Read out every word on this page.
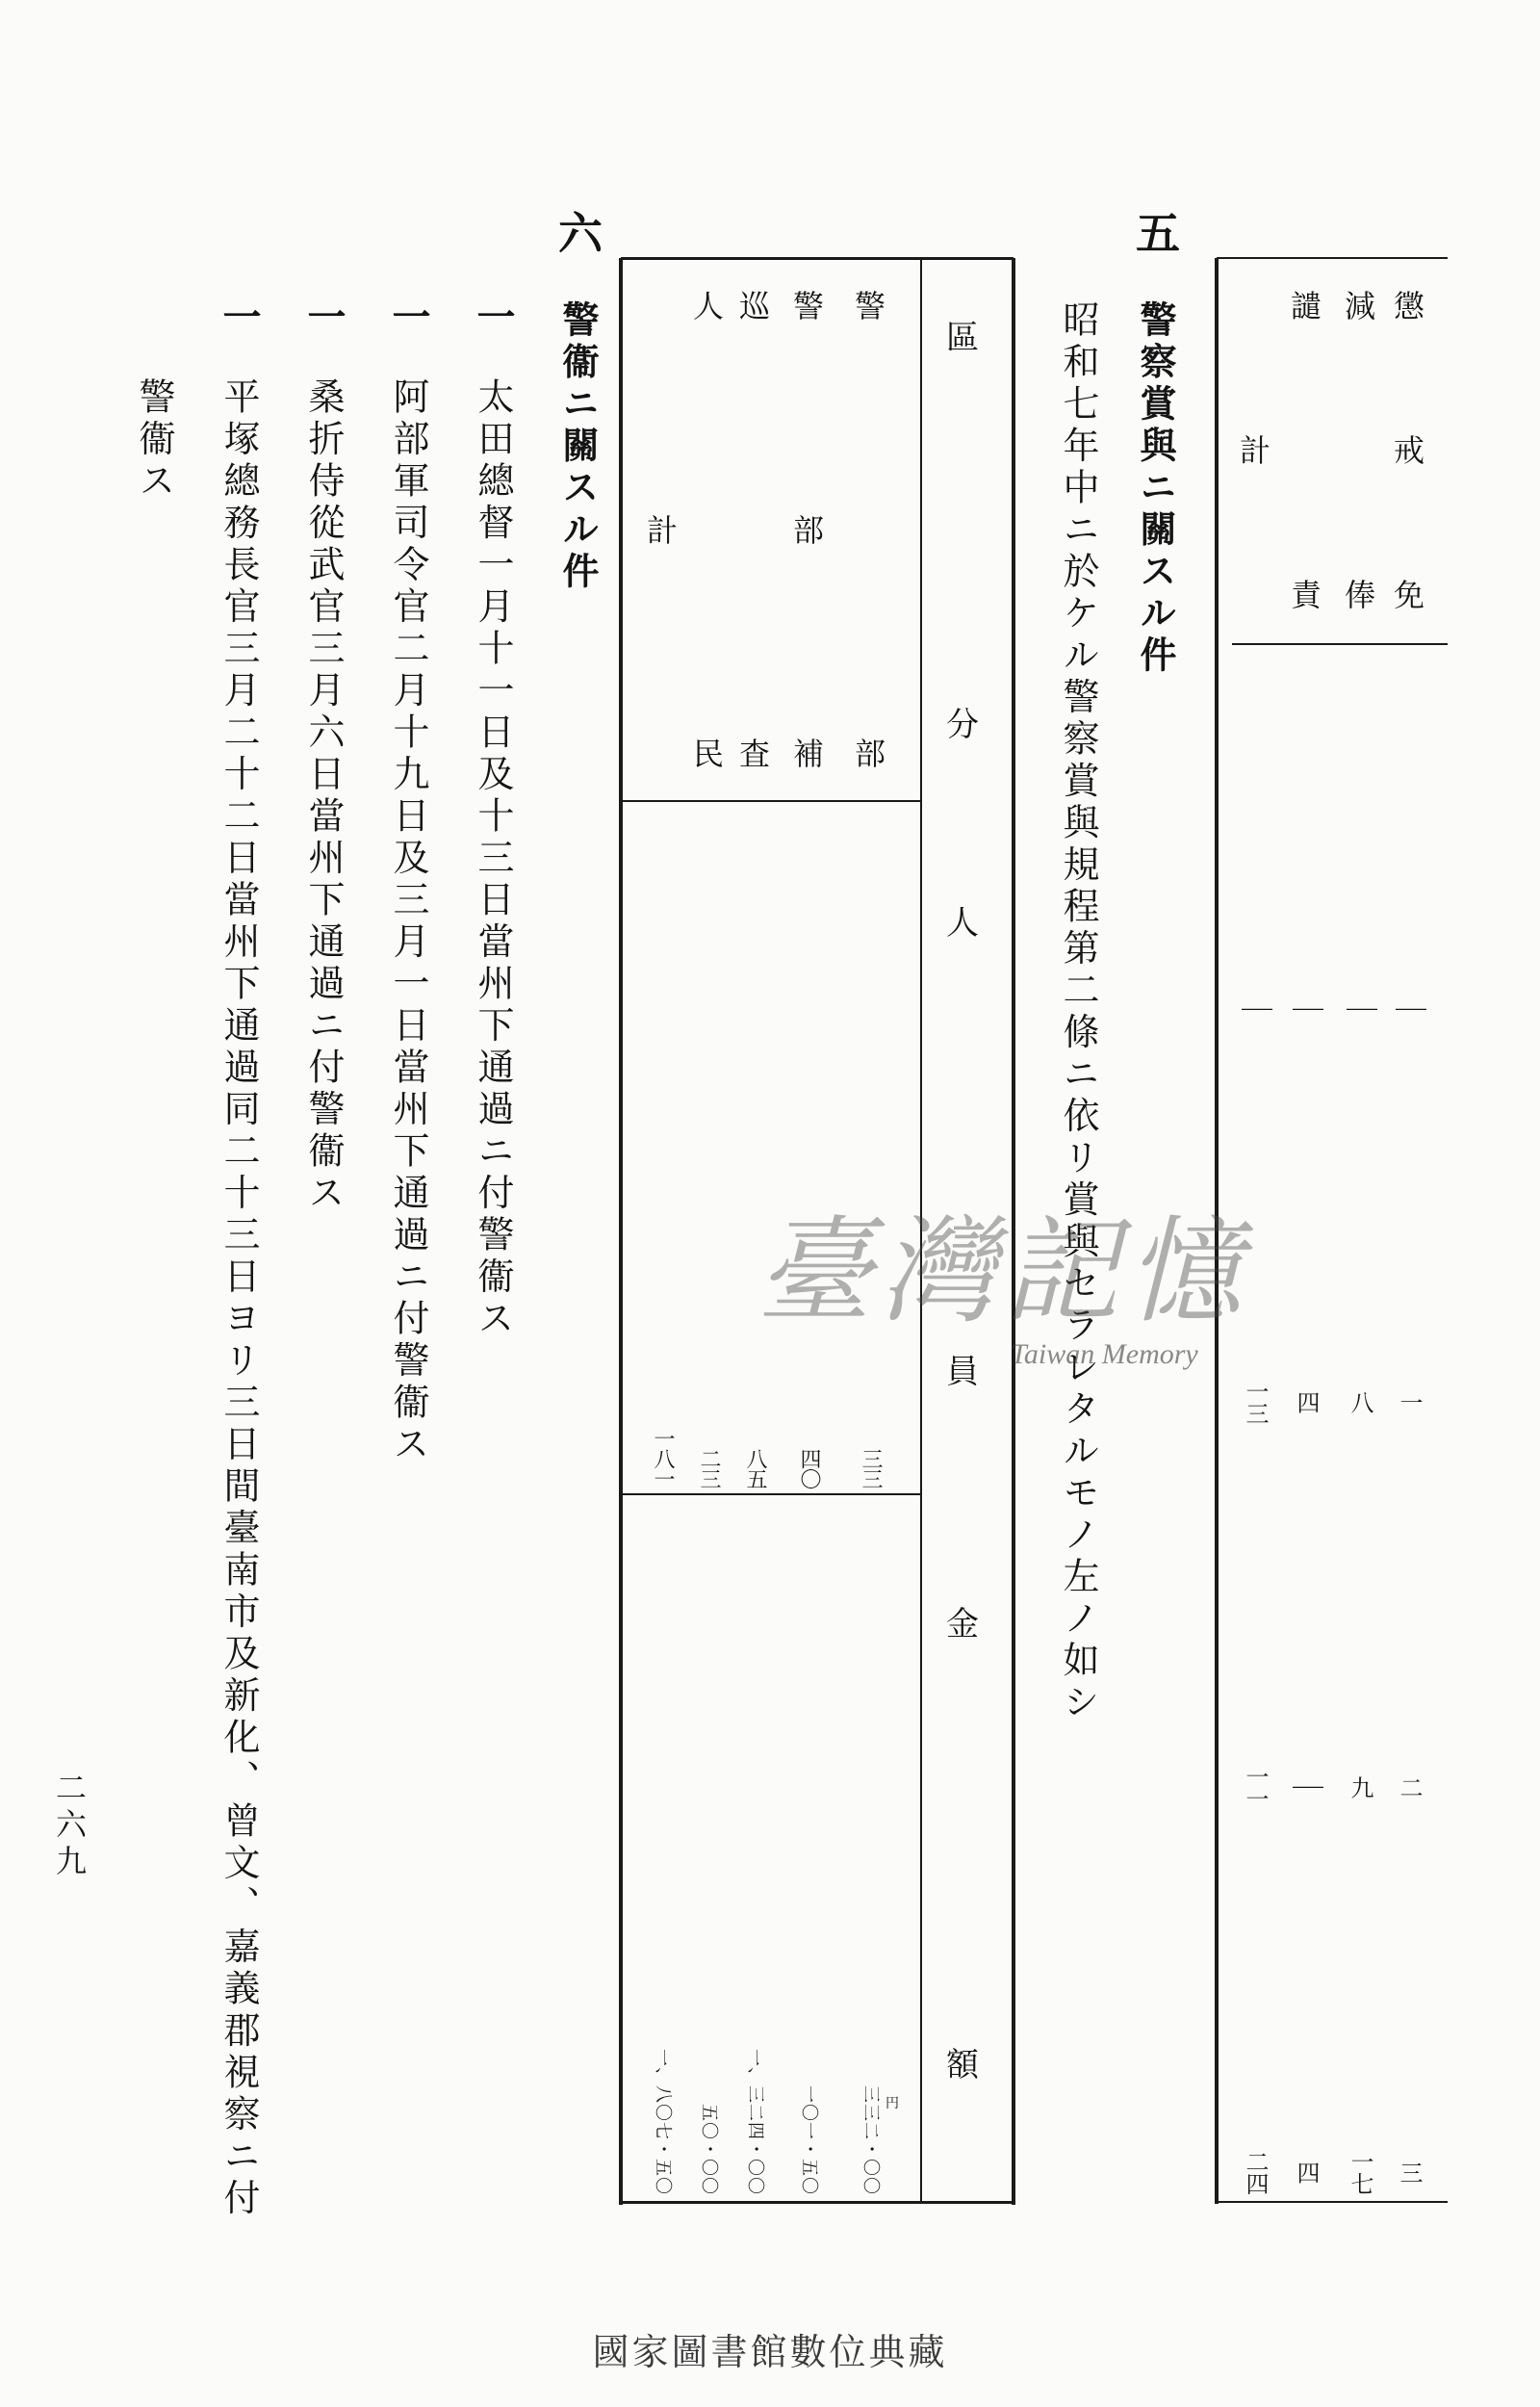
懲
戒
免
減
俸
譴
責
計
｜
一
二
三
｜
八
九
一七
｜
四
｜
四
｜
一三
一一
二四
五
警察賞與ニ關スル件
昭和七年中ニ於ケル警察賞與規程第二條ニ依リ賞與セラレタルモノ左ノ如シ
區
分
人
員
金
額
警
部
警
部
補
巡
査
人
民
計
三三
四〇
八五
二三
一八一
円
三三二・〇〇
一〇一・五〇
一、三二四・〇〇
五〇・〇〇
一、八〇七・五〇
六
警衞ニ關スル件
一
太田總督一月十一日及十三日當州下通過ニ付警衞ス
一
阿部軍司令官二月十九日及三月一日當州下通過ニ付警衞ス
一
桑折侍從武官三月六日當州下通過ニ付警衞ス
一
平塚總務長官三月二十二日當州下通過同二十三日ヨリ三日間臺南市及新化、曾文、嘉義郡視察ニ付
警衞ス
二六九
臺灣記憶
Taiwan Memory
國家圖書館數位典藏
